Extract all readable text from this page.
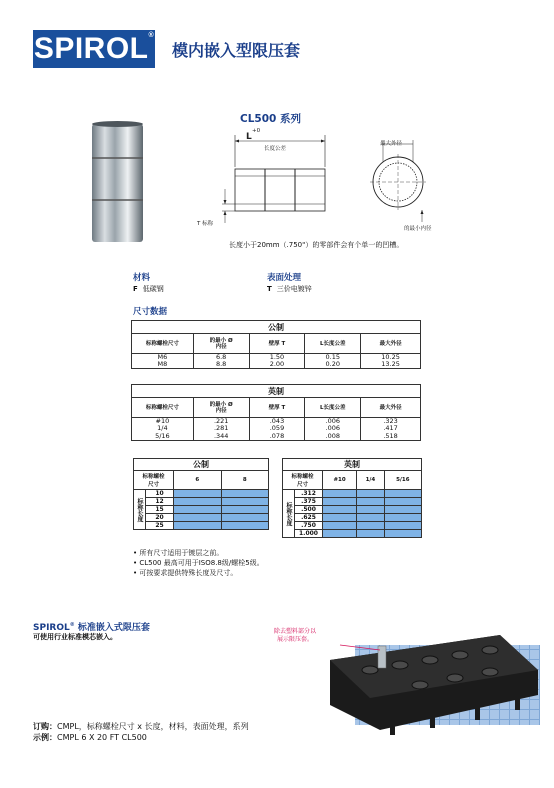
SPIROL®
模内嵌入型限压套
CL500 系列
L
+0
长度公差
T 标称
最大外径
的最小内径
长度小于20mm（.750"）的零部件会有个单一的凹槽。
材料
F 低碳钢
表面处理
T 三价电镀锌
尺寸数据
公制				
标称螺栓尺寸	的最小 Ø
内径	壁厚 T	L长度公差	最大外径
M6	6.8	1.50	0.15	10.25
M8	8.8	2.00	0.20	13.25
英制				
标称螺栓尺寸	的最小 Ø
内径	壁厚 T	L长度公差	最大外径
#10	.221	.043	.006	.323
1/4	.281	.059	.006	.417
5/16	.344	.078	.008	.518
公制			
标称螺栓
尺寸		6	8
标称长度	10		
	12		
	15		
	20		
	25		
英制				
标称螺栓
尺寸		#10	1/4	5/16
标称长度	.312			
	.375			
	.500			
	.625			
	.750			
	1.000			
• 所有尺寸适用于镀层之前。
• CL500 最高可用于ISO8.8级/螺栓5级。
• 可按要求提供特殊长度及尺寸。
SPIROL® 标准嵌入式限压套
可使用行业标准模芯嵌入。
除去塑料部分以
展示限压套。
订购：CMPL，标称螺栓尺寸 x 长度，材料，表面处理，系列
示例：CMPL 6 X 20 FT CL500
